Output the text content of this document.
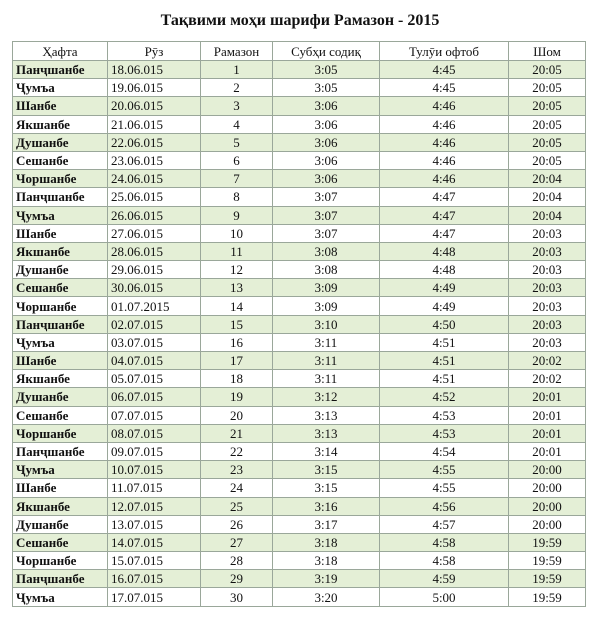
Тақвими моҳи шарифи Рамазон - 2015
Ҳафта	Рӯз	Рамазон	Субҳи содиқ	Тулӯи офтоб	Шом
Панҷшанбе	18.06.015	1	3:05	4:45	20:05
Ҷумъа	19.06.015	2	3:05	4:45	20:05
Шанбе	20.06.015	3	3:06	4:46	20:05
Якшанбе	21.06.015	4	3:06	4:46	20:05
Душанбе	22.06.015	5	3:06	4:46	20:05
Сешанбе	23.06.015	6	3:06	4:46	20:05
Чоршанбе	24.06.015	7	3:06	4:46	20:04
Панҷшанбе	25.06.015	8	3:07	4:47	20:04
Ҷумъа	26.06.015	9	3:07	4:47	20:04
Шанбе	27.06.015	10	3:07	4:47	20:03
Якшанбе	28.06.015	11	3:08	4:48	20:03
Душанбе	29.06.015	12	3:08	4:48	20:03
Сешанбе	30.06.015	13	3:09	4:49	20:03
Чоршанбе	01.07.2015	14	3:09	4:49	20:03
Панҷшанбе	02.07.015	15	3:10	4:50	20:03
Ҷумъа	03.07.015	16	3:11	4:51	20:03
Шанбе	04.07.015	17	3:11	4:51	20:02
Якшанбе	05.07.015	18	3:11	4:51	20:02
Душанбе	06.07.015	19	3:12	4:52	20:01
Сешанбе	07.07.015	20	3:13	4:53	20:01
Чоршанбе	08.07.015	21	3:13	4:53	20:01
Панҷшанбе	09.07.015	22	3:14	4:54	20:01
Ҷумъа	10.07.015	23	3:15	4:55	20:00
Шанбе	11.07.015	24	3:15	4:55	20:00
Якшанбе	12.07.015	25	3:16	4:56	20:00
Душанбе	13.07.015	26	3:17	4:57	20:00
Сешанбе	14.07.015	27	3:18	4:58	19:59
Чоршанбе	15.07.015	28	3:18	4:58	19:59
Панҷшанбе	16.07.015	29	3:19	4:59	19:59
Ҷумъа	17.07.015	30	3:20	5:00	19:59
